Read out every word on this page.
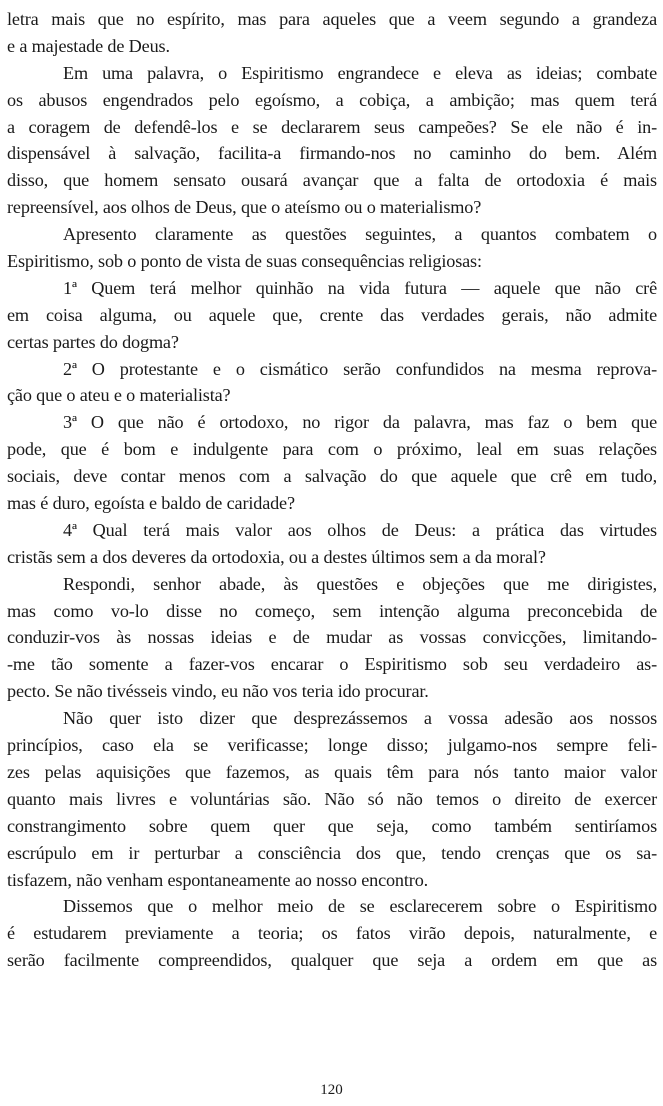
letra mais que no espírito, mas para aqueles que a veem segundo a grandeza
e a majestade de Deus.
Em uma palavra, o Espiritismo engrandece e eleva as ideias; combate
os abusos engendrados pelo egoísmo, a cobiça, a ambição; mas quem terá
a coragem de defendê-los e se declararem seus campeões? Se ele não é in-
dispensável à salvação, facilita-a firmando-nos no caminho do bem. Além
disso, que homem sensato ousará avançar que a falta de ortodoxia é mais
repreensível, aos olhos de Deus, que o ateísmo ou o materialismo?
Apresento claramente as questões seguintes, a quantos combatem o
Espiritismo, sob o ponto de vista de suas consequências religiosas:
1ª Quem terá melhor quinhão na vida futura — aquele que não crê
em coisa alguma, ou aquele que, crente das verdades gerais, não admite
certas partes do dogma?
2ª O protestante e o cismático serão confundidos na mesma reprova-
ção que o ateu e o materialista?
3ª O que não é ortodoxo, no rigor da palavra, mas faz o bem que
pode, que é bom e indulgente para com o próximo, leal em suas relações
sociais, deve contar menos com a salvação do que aquele que crê em tudo,
mas é duro, egoísta e baldo de caridade?
4ª Qual terá mais valor aos olhos de Deus: a prática das virtudes
cristãs sem a dos deveres da ortodoxia, ou a destes últimos sem a da moral?
Respondi, senhor abade, às questões e objeções que me dirigistes,
mas como vo-lo disse no começo, sem intenção alguma preconcebida de
conduzir-vos às nossas ideias e de mudar as vossas convicções, limitando-
-me tão somente a fazer-vos encarar o Espiritismo sob seu verdadeiro as-
pecto. Se não tivésseis vindo, eu não vos teria ido procurar.
Não quer isto dizer que desprezássemos a vossa adesão aos nossos
princípios, caso ela se verificasse; longe disso; julgamo-nos sempre feli-
zes pelas aquisições que fazemos, as quais têm para nós tanto maior valor
quanto mais livres e voluntárias são. Não só não temos o direito de exercer
constrangimento sobre quem quer que seja, como também sentiríamos
escrúpulo em ir perturbar a consciência dos que, tendo crenças que os sa-
tisfazem, não venham espontaneamente ao nosso encontro.
Dissemos que o melhor meio de se esclarecerem sobre o Espiritismo
é estudarem previamente a teoria; os fatos virão depois, naturalmente, e
serão facilmente compreendidos, qualquer que seja a ordem em que as
120
